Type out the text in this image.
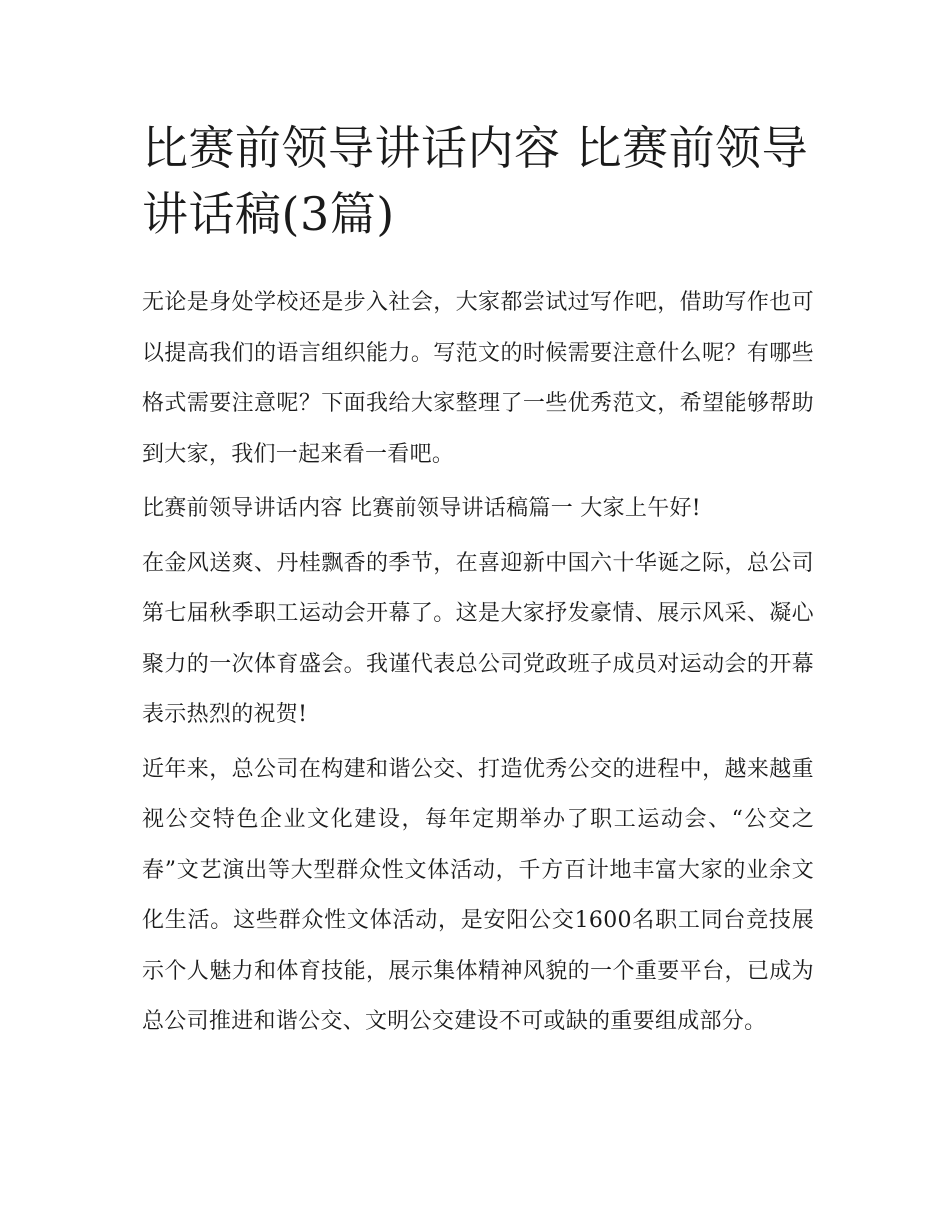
比赛前领导讲话内容 比赛前领导讲话稿(3篇)

无论是身处学校还是步入社会，大家都尝试过写作吧，借助写作也可以提高我们的语言组织能力。写范文的时候需要注意什么呢？有哪些格式需要注意呢？下面我给大家整理了一些优秀范文，希望能够帮助到大家，我们一起来看一看吧。

比赛前领导讲话内容 比赛前领导讲话稿篇一 大家上午好!

在金风送爽、丹桂飘香的季节，在喜迎新中国六十华诞之际，总公司第七届秋季职工运动会开幕了。这是大家抒发豪情、展示风采、凝心聚力的一次体育盛会。我谨代表总公司党政班子成员对运动会的开幕表示热烈的祝贺!

近年来，总公司在构建和谐公交、打造优秀公交的进程中，越来越重视公交特色企业文化建设，每年定期举办了职工运动会、“公交之春”文艺演出等大型群众性文体活动，千方百计地丰富大家的业余文化生活。这些群众性文体活动，是安阳公交1600名职工同台竞技展示个人魅力和体育技能，展示集体精神风貌的一个重要平台，已成为总公司推进和谐公交、文明公交建设不可或缺的重要组成部分。
